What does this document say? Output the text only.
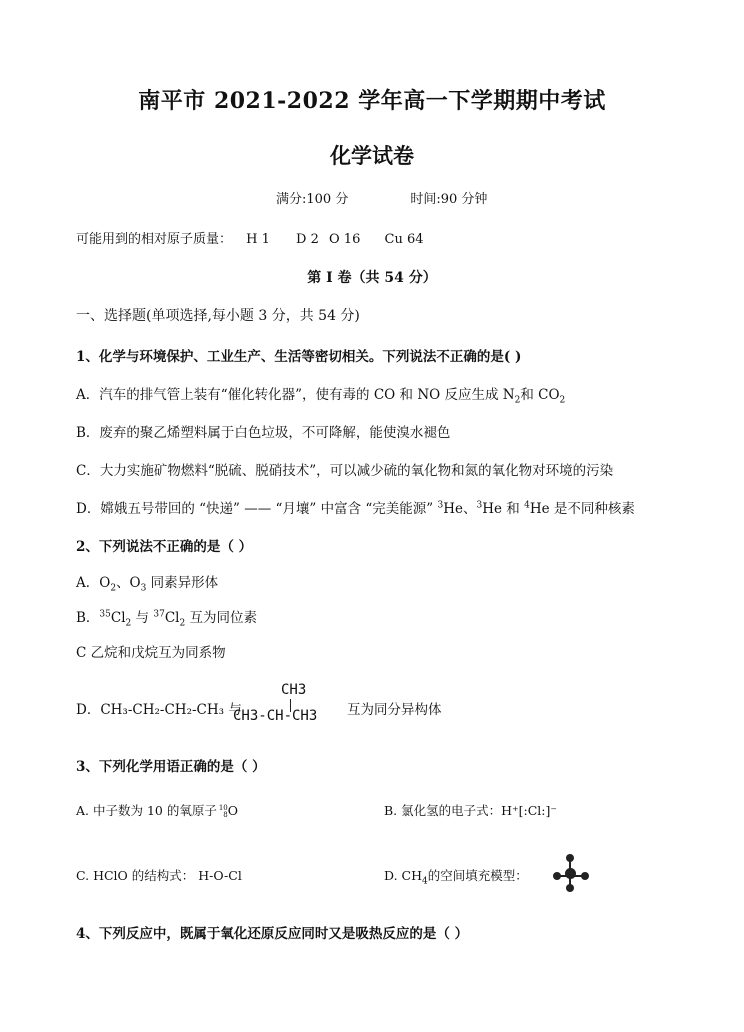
南平市 2021-2022 学年高一下学期期中考试
化学试卷
满分:100 分	时间:90 分钟
可能用到的相对原子质量： H 1 D 2 O 16 Cu 64
第 I 卷（共 54 分）
一、选择题(单项选择,每小题 3 分，共 54 分)
1、化学与环境保护、工业生产、生活等密切相关。下列说法不正确的是( )
A．汽车的排气管上装有“催化转化器”，使有毒的 CO 和 NO 反应生成 $N_2$和 $CO_2$
B．废弃的聚乙烯塑料属于白色垃圾，不可降解，能使溴水褪色
C．大力实施矿物燃料“脱硫、脱硝技术”，可以减少硫的氧化物和氮的氧化物对环境的污染
D．嫦娥五号带回的 “快递” —— “月壤” 中富含 “完美能源” $^3$He、$^3$He 和 $^4$He 是不同种核素
2、下列说法不正确的是（ ）
A．$O_2$、$O_3$ 同素异形体
B．$^{35}Cl_2$ 与 $^{37}Cl_2$ 互为同位素
C 乙烷和戊烷互为同系物
D．CH₃-CH₂-CH₂-CH₃ 与
CH3
CH3-CH-CH3 互为同分异构体
3、下列化学用语正确的是（ ）
A. 中子数为 10 的氧原子 10
8O	B. 氯化氢的电子式：H⁺[:Cl:]⁻
C. HClO 的结构式： H-O-Cl	D. $CH_4$的空间填充模型：
4、下列反应中，既属于氧化还原反应同时又是吸热反应的是（ ）
